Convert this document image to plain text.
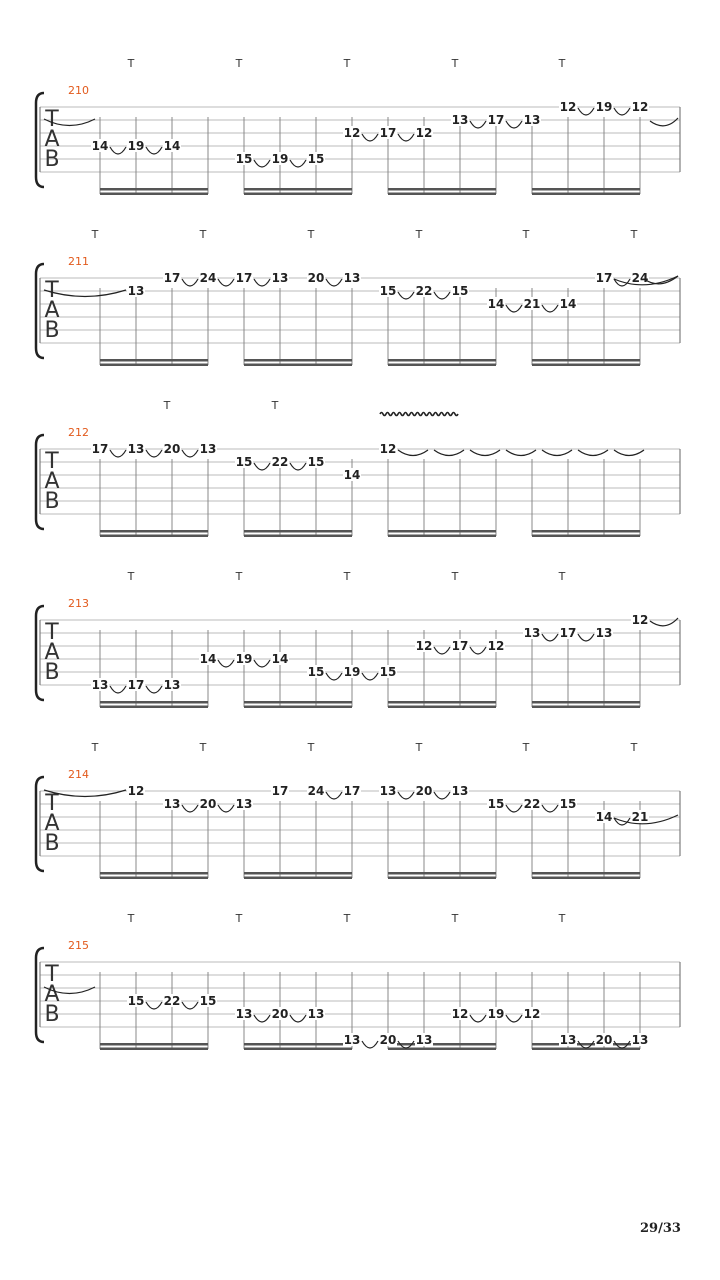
T
A
B
210
T	T	T	T	T
14 19 14
15 19 15
12 17 12
13 17 13
12 19 12
T
A
B
211
T	T	T	T	T	T
13
17 24 17 13 20 13
15 22 15
14 21 14
17 24
T
A
B
212
T	T
17 13 20 13
15 22 15
14
12
T
A
B
213
T	T	T	T	T
13 17 13
14 19 14
15 19 15
12 17 12
13 17 13
12
T
A
B
214
T	T	T	T	T	T
12
13 20 13
17 24 17 13 20 13
15 22 15
14 21
T
A
B
215
T	T	T	T	T
15 22 15
13 20 13
13 20 13
12 19 12
13 20 13
29/33
